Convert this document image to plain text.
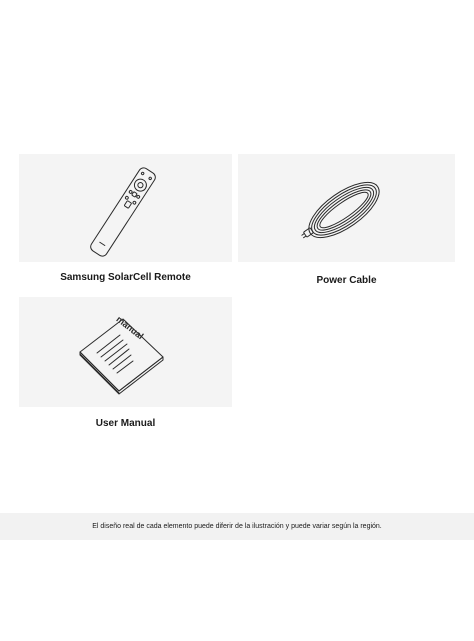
Samsung SolarCell Remote	Power Cable
manual
User Manual
El diseño real de cada elemento puede diferir de la ilustración y puede variar según la región.
